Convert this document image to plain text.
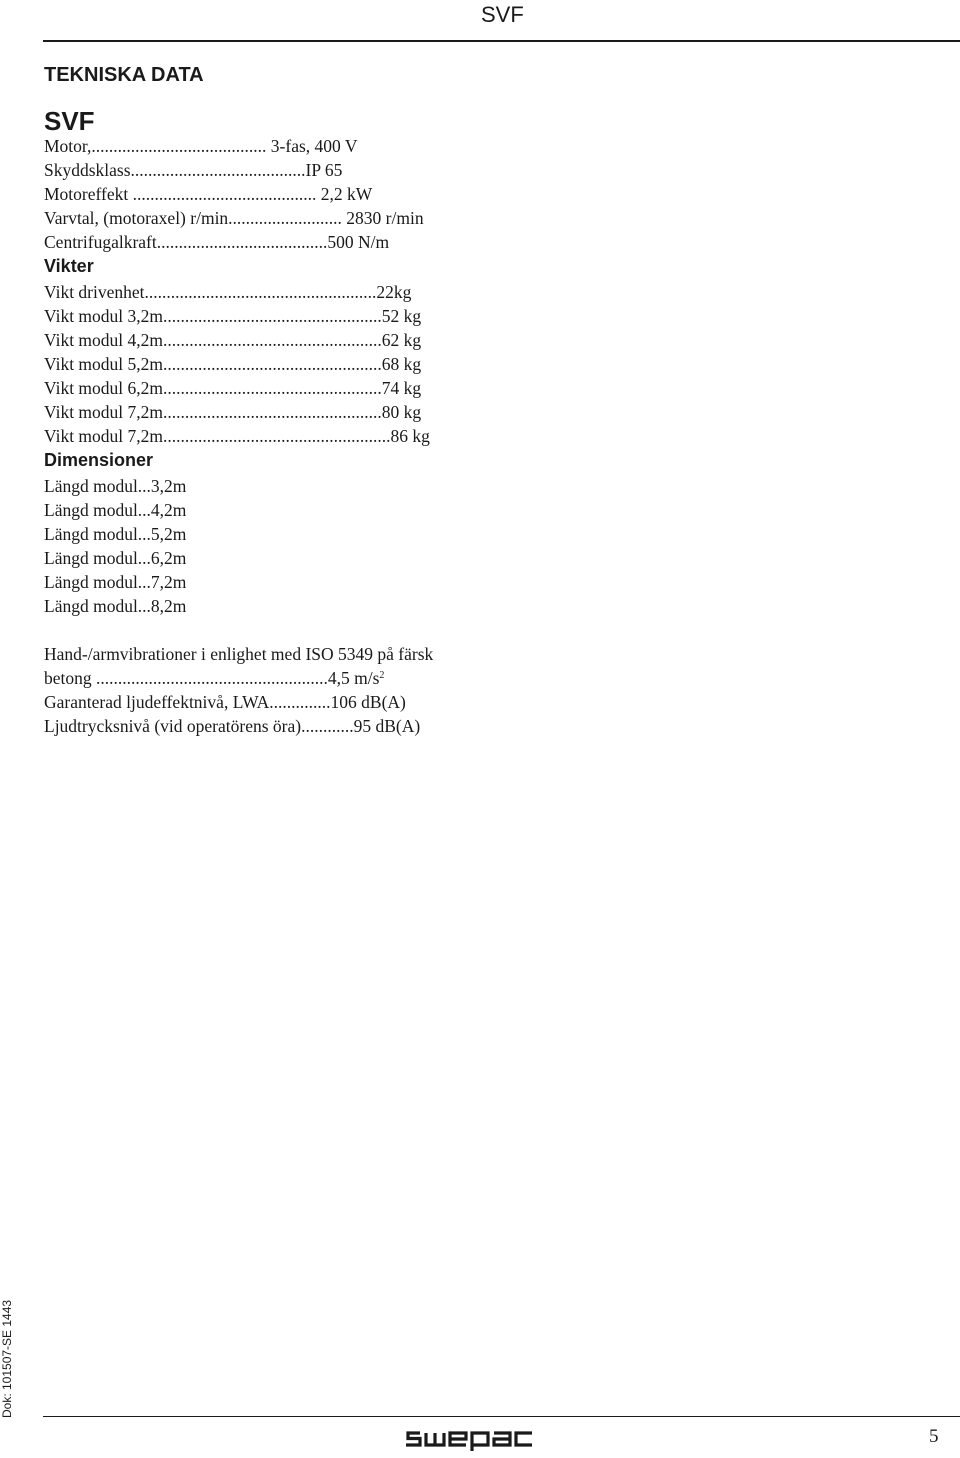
SVF
TEKNISKA DATA
SVF
Motor,........................................ 3-fas, 400 V
Skyddsklass........................................IP 65
Motoreffekt .......................................... 2,2 kW
Varvtal, (motoraxel) r/min.......................... 2830 r/min
Centrifugalkraft.......................................500 N/m
Vikter
Vikt drivenhet.....................................................22kg
Vikt modul 3,2m..................................................52 kg
Vikt modul 4,2m..................................................62 kg
Vikt modul 5,2m..................................................68 kg
Vikt modul 6,2m..................................................74 kg
Vikt modul 7,2m..................................................80 kg
Vikt modul 7,2m....................................................86 kg
Dimensioner
Längd modul...3,2m
Längd modul...4,2m
Längd modul...5,2m
Längd modul...6,2m
Längd modul...7,2m
Längd modul...8,2m
Hand-/armvibrationer i enlighet med ISO 5349 på färsk
betong .....................................................4,5 $m/s^2$
Garanterad ljudeffektnivå, LWA..............106 dB(A)
Ljudtrycksnivå (vid operatörens öra)............95 dB(A)
Dok: 101507-SE 1443
5
